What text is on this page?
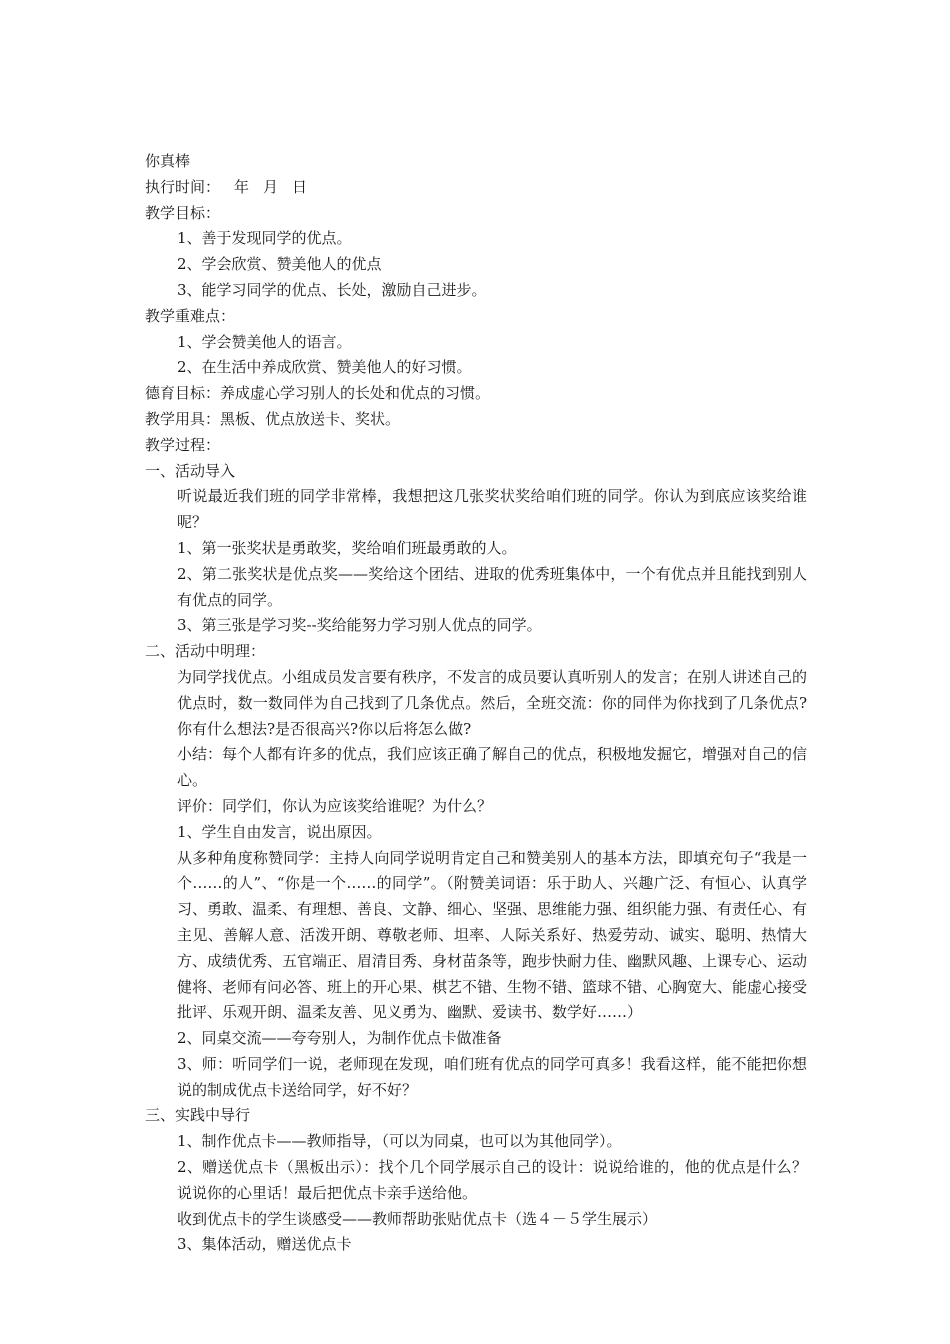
你真棒

执行时间： 年 月 日

教学目标：

1、善于发现同学的优点。

2、学会欣赏、赞美他人的优点

3、能学习同学的优点、长处，激励自己进步。

教学重难点：

1、学会赞美他人的语言。

2、在生活中养成欣赏、赞美他人的好习惯。

德育目标：养成虚心学习别人的长处和优点的习惯。

教学用具：黑板、优点放送卡、奖状。

教学过程：

一、活动导入

听说最近我们班的同学非常棒，我想把这几张奖状奖给咱们班的同学。你认为到底应该奖给谁呢？

1、第一张奖状是勇敢奖，奖给咱们班最勇敢的人。

2、第二张奖状是优点奖——奖给这个团结、进取的优秀班集体中，一个有优点并且能找到别人有优点的同学。

3、第三张是学习奖--奖给能努力学习别人优点的同学。

二、活动中明理：

为同学找优点。小组成员发言要有秩序，不发言的成员要认真听别人的发言；在别人讲述自己的优点时，数一数同伴为自己找到了几条优点。然后，全班交流：你的同伴为你找到了几条优点?你有什么想法?是否很高兴?你以后将怎么做?

小结：每个人都有许多的优点，我们应该正确了解自己的优点，积极地发掘它，增强对自己的信心。

评价：同学们，你认为应该奖给谁呢？为什么？

1、学生自由发言，说出原因。

从多种角度称赞同学：主持人向同学说明肯定自己和赞美别人的基本方法，即填充句子“我是一个……的人”、“你是一个……的同学”。（附赞美词语：乐于助人、兴趣广泛、有恒心、认真学习、勇敢、温柔、有理想、善良、文静、细心、坚强、思维能力强、组织能力强、有责任心、有主见、善解人意、活泼开朗、尊敬老师、坦率、人际关系好、热爱劳动、诚实、聪明、热情大方、成绩优秀、五官端正、眉清目秀、身材苗条等，跑步快耐力佳、幽默风趣、上课专心、运动健将、老师有问必答、班上的开心果、棋艺不错、生物不错、篮球不错、心胸宽大、能虚心接受批评、乐观开朗、温柔友善、见义勇为、幽默、爱读书、数学好……）

2、同桌交流——夸夸别人，为制作优点卡做准备

3、师：听同学们一说，老师现在发现，咱们班有优点的同学可真多！我看这样，能不能把你想说的制成优点卡送给同学，好不好？

三、实践中导行

1、制作优点卡——教师指导，（可以为同桌，也可以为其他同学）。

2、赠送优点卡（黑板出示）：找个几个同学展示自己的设计：说说给谁的，他的优点是什么？说说你的心里话！最后把优点卡亲手送给他。

收到优点卡的学生谈感受——教师帮助张贴优点卡（选４－５学生展示）

3、集体活动，赠送优点卡
